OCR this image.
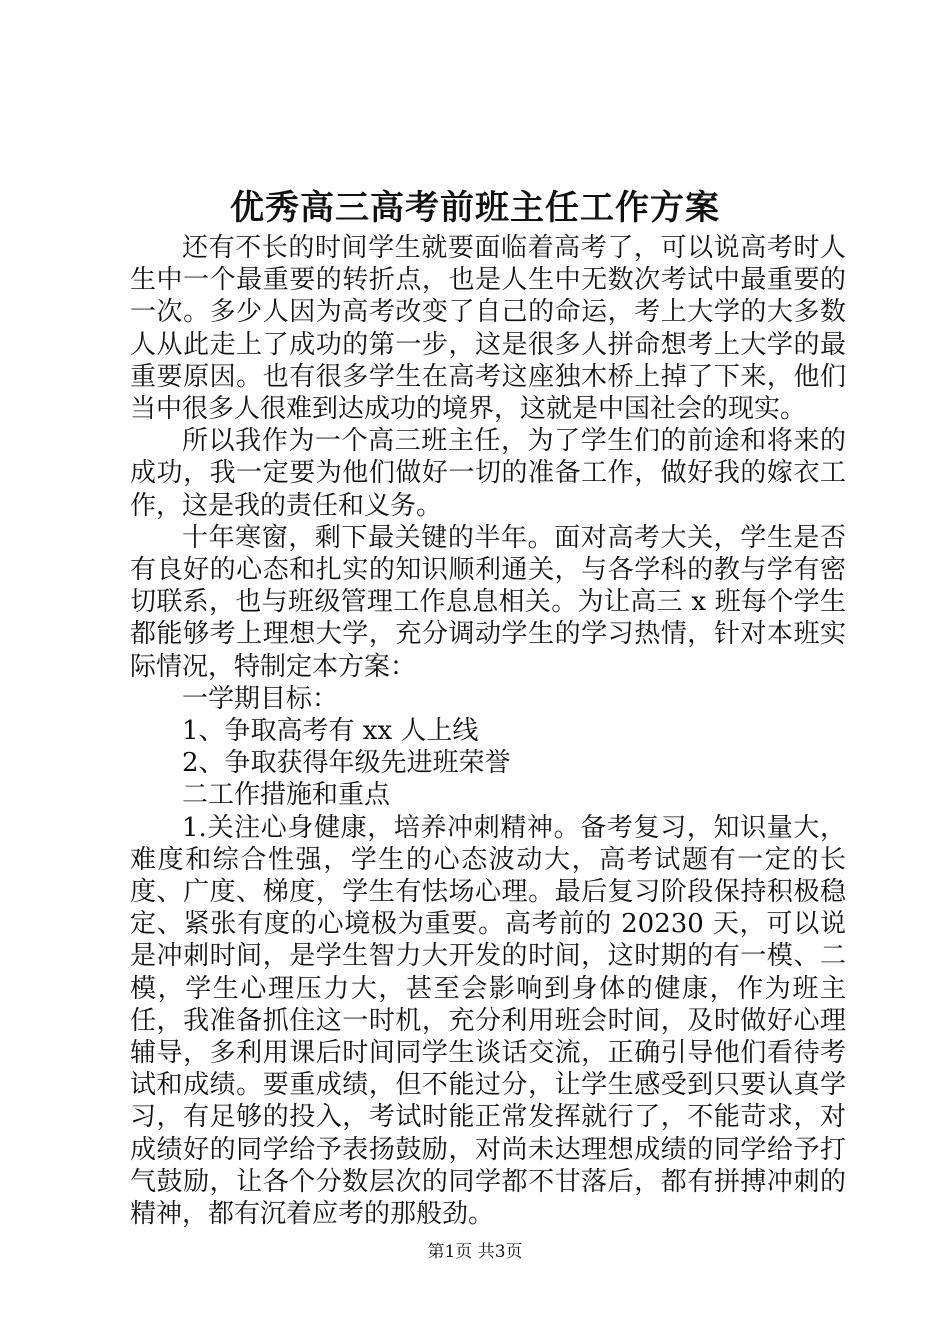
优秀高三高考前班主任工作方案

还有不长的时间学生就要面临着高考了，可以说高考时人生中一个最重要的转折点，也是人生中无数次考试中最重要的一次。多少人因为高考改变了自己的命运，考上大学的大多数人从此走上了成功的第一步，这是很多人拼命想考上大学的最重要原因。也有很多学生在高考这座独木桥上掉了下来，他们当中很多人很难到达成功的境界，这就是中国社会的现实。

所以我作为一个高三班主任，为了学生们的前途和将来的成功，我一定要为他们做好一切的准备工作，做好我的嫁衣工作，这是我的责任和义务。

十年寒窗，剩下最关键的半年。面对高考大关，学生是否有良好的心态和扎实的知识顺利通关，与各学科的教与学有密切联系，也与班级管理工作息息相关。为让高三 x 班每个学生都能够考上理想大学，充分调动学生的学习热情，针对本班实际情况，特制定本方案：

一学期目标：

1、争取高考有 xx 人上线

2、争取获得年级先进班荣誉

二工作措施和重点

1.关注心身健康，培养冲刺精神。备考复习，知识量大，难度和综合性强，学生的心态波动大，高考试题有一定的长度、广度、梯度，学生有怯场心理。最后复习阶段保持积极稳定、紧张有度的心境极为重要。高考前的 20230 天，可以说是冲刺时间，是学生智力大开发的时间，这时期的有一模、二模，学生心理压力大，甚至会影响到身体的健康，作为班主任，我准备抓住这一时机，充分利用班会时间，及时做好心理辅导，多利用课后时间同学生谈话交流，正确引导他们看待考试和成绩。要重成绩，但不能过分，让学生感受到只要认真学习，有足够的投入，考试时能正常发挥就行了，不能苛求，对成绩好的同学给予表扬鼓励，对尚未达理想成绩的同学给予打气鼓励，让各个分数层次的同学都不甘落后，都有拼搏冲刺的精神，都有沉着应考的那般劲。

第1页 共3页
